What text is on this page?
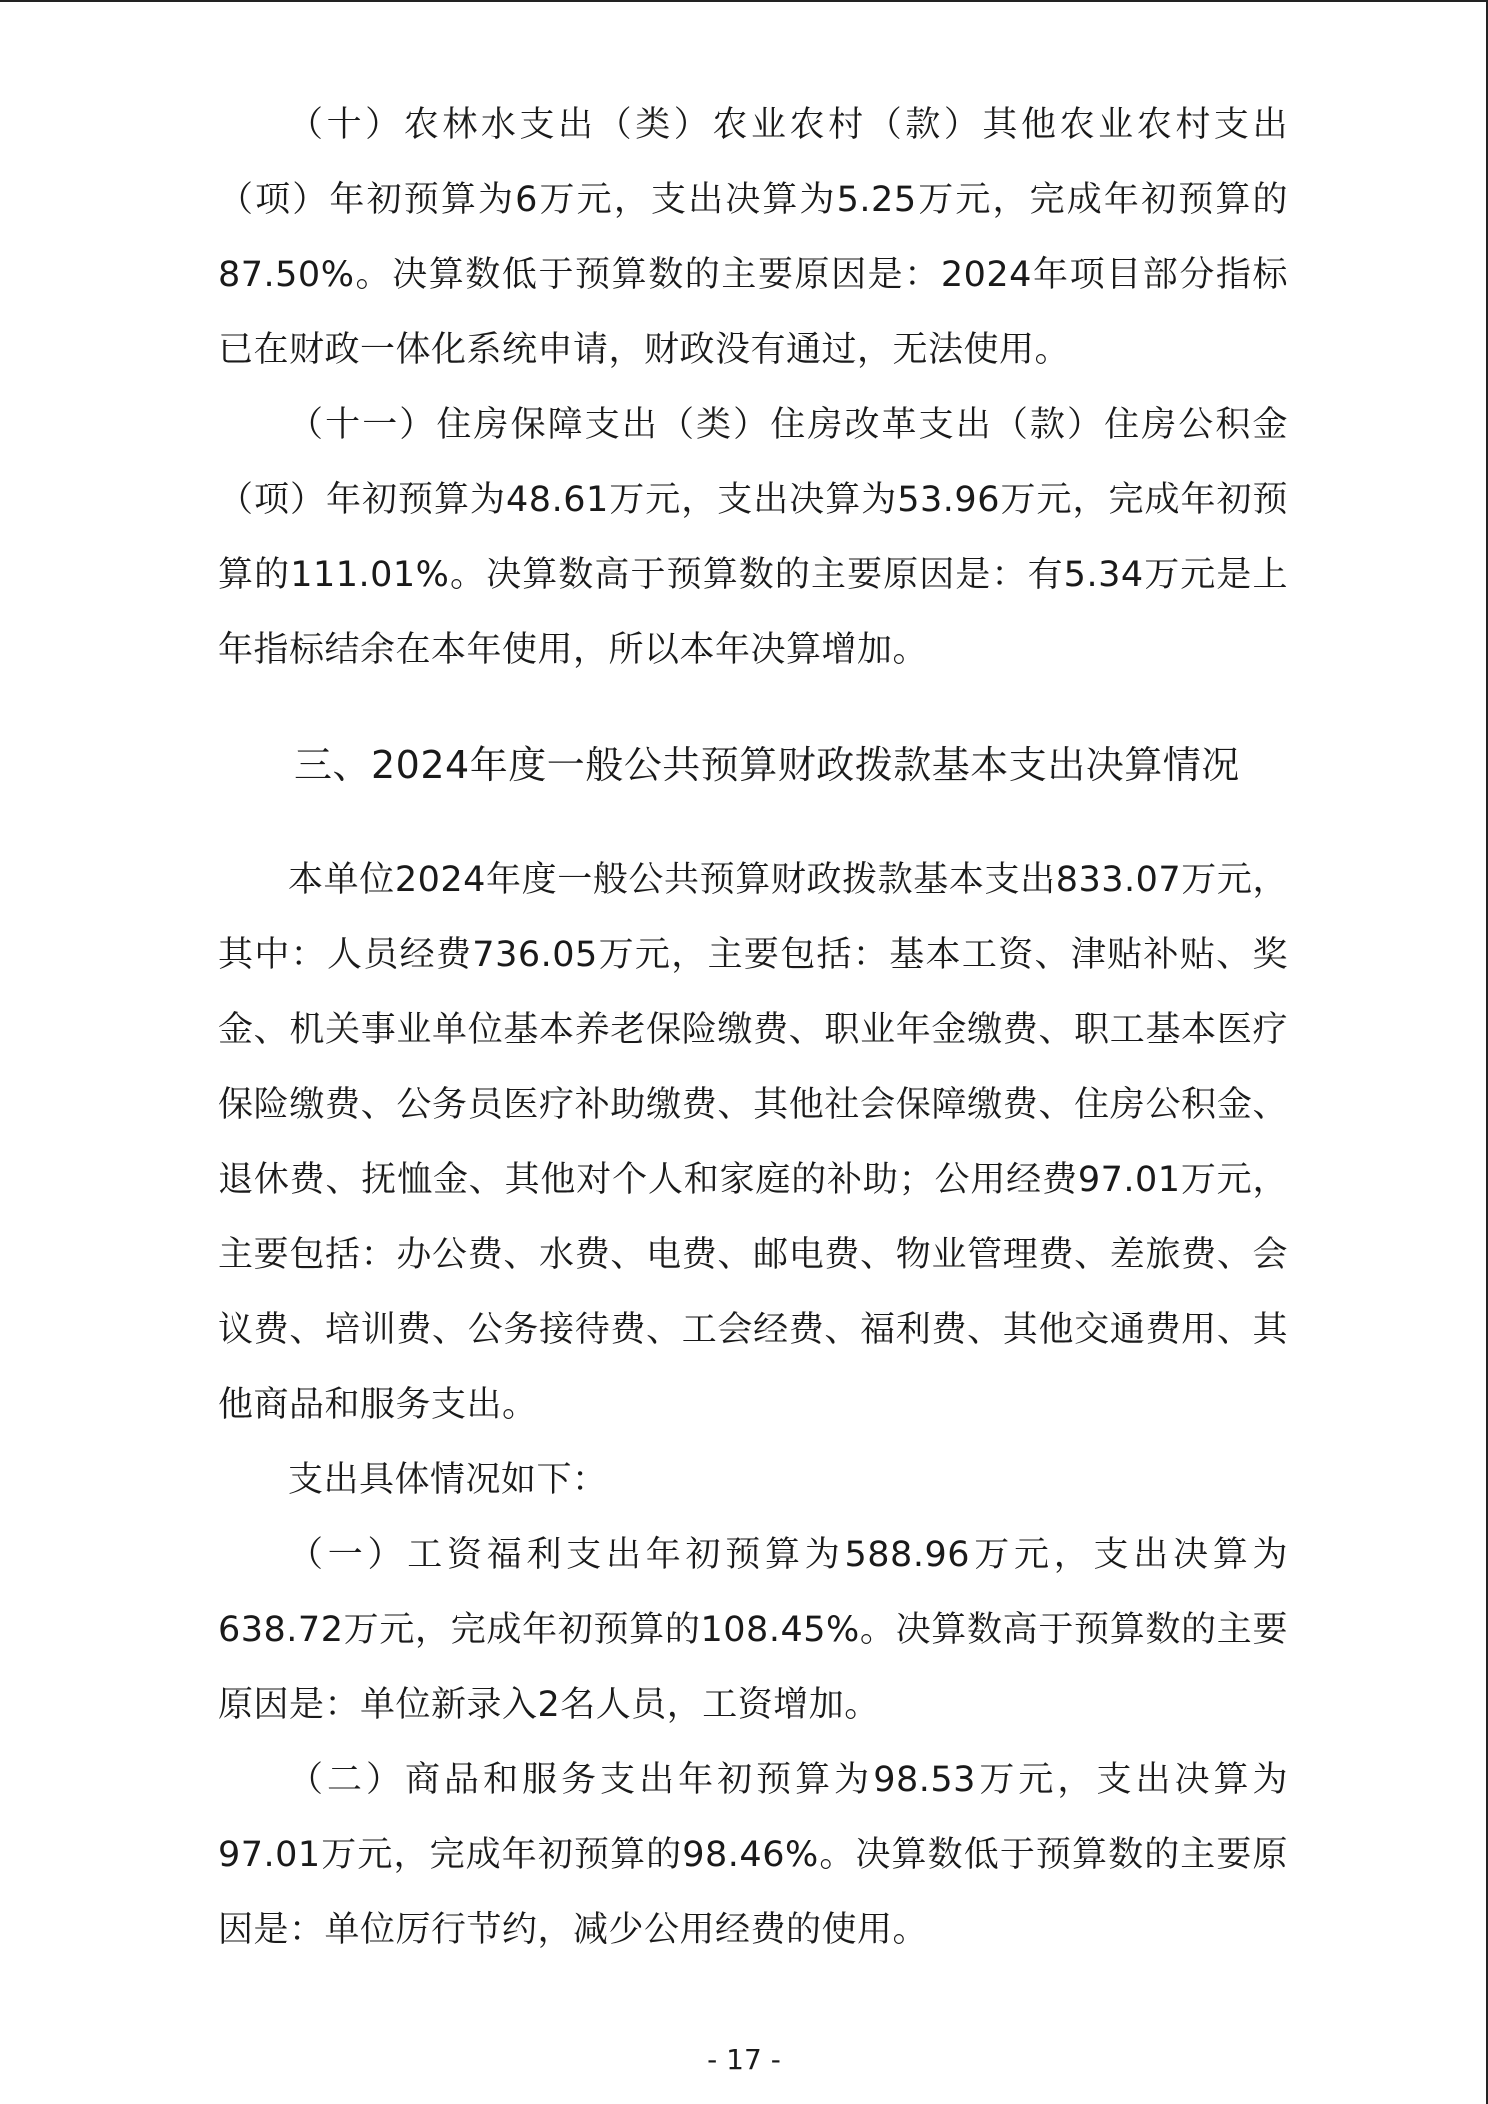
（十）农林水支出（类）农业农村（款）其他农业农村支出（项）年初预算为6万元，支出决算为5.25万元，完成年初预算的87.50%。决算数低于预算数的主要原因是：2024年项目部分指标已在财政一体化系统申请，财政没有通过，无法使用。

（十一）住房保障支出（类）住房改革支出（款）住房公积金（项）年初预算为48.61万元，支出决算为53.96万元，完成年初预算的111.01%。决算数高于预算数的主要原因是：有5.34万元是上年指标结余在本年使用，所以本年决算增加。

三、2024年度一般公共预算财政拨款基本支出决算情况

本单位2024年度一般公共预算财政拨款基本支出833.07万元，其中：人员经费736.05万元，主要包括：基本工资、津贴补贴、奖金、机关事业单位基本养老保险缴费、职业年金缴费、职工基本医疗保险缴费、公务员医疗补助缴费、其他社会保障缴费、住房公积金、退休费、抚恤金、其他对个人和家庭的补助；公用经费97.01万元，主要包括：办公费、水费、电费、邮电费、物业管理费、差旅费、会议费、培训费、公务接待费、工会经费、福利费、其他交通费用、其他商品和服务支出。

支出具体情况如下：

（一）工资福利支出年初预算为588.96万元，支出决算为638.72万元，完成年初预算的108.45%。决算数高于预算数的主要原因是：单位新录入2名人员，工资增加。

（二）商品和服务支出年初预算为98.53万元，支出决算为97.01万元，完成年初预算的98.46%。决算数低于预算数的主要原因是：单位厉行节约，减少公用经费的使用。

- 17 -
